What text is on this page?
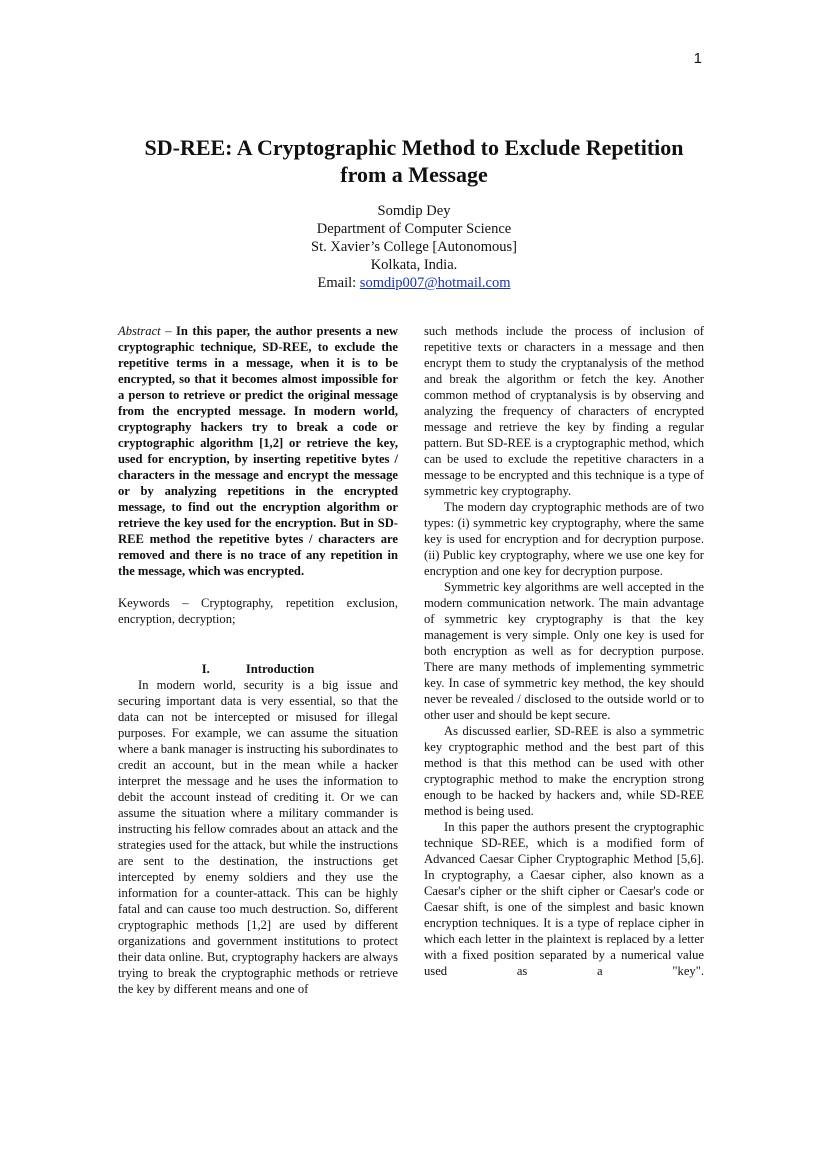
1
SD-REE: A Cryptographic Method to Exclude Repetition
from a Message
Somdip Dey
Department of Computer Science
St. Xavier’s College [Autonomous]
Kolkata, India.
Email: somdip007@hotmail.com

Abstract – In this paper, the author presents a new cryptographic technique, SD-REE, to exclude the repetitive terms in a message, when it is to be encrypted, so that it becomes almost impossible for a person to retrieve or predict the original message from the encrypted message. In modern world, cryptography hackers try to break a code or cryptographic algorithm [1,2] or retrieve the key, used for encryption, by inserting repetitive bytes / characters in the message and encrypt the message or by analyzing repetitions in the encrypted message, to find out the encryption algorithm or retrieve the key used for the encryption. But in SD-REE method the repetitive bytes / characters are removed and there is no trace of any repetition in the message, which was encrypted.

Keywords – Cryptography, repetition exclusion, encryption, decryption;

I.	Introduction

In modern world, security is a big issue and securing important data is very essential, so that the data can not be intercepted or misused for illegal purposes. For example, we can assume the situation where a bank manager is instructing his subordinates to credit an account, but in the mean while a hacker interpret the message and he uses the information to debit the account instead of crediting it. Or we can assume the situation where a military commander is instructing his fellow comrades about an attack and the strategies used for the attack, but while the instructions are sent to the destination, the instructions get intercepted by enemy soldiers and they use the information for a counter-attack. This can be highly fatal and can cause too much destruction. So, different cryptographic methods [1,2] are used by different organizations and government institutions to protect their data online. But, cryptography hackers are always trying to break the cryptographic methods or retrieve the key by different means and one of

such methods include the process of inclusion of repetitive texts or characters in a message and then encrypt them to study the cryptanalysis of the method and break the algorithm or fetch the key. Another common method of cryptanalysis is by observing and analyzing the frequency of characters of encrypted message and retrieve the key by finding a regular pattern. But SD-REE is a cryptographic method, which can be used to exclude the repetitive characters in a message to be encrypted and this technique is a type of symmetric key cryptography.

The modern day cryptographic methods are of two types: (i) symmetric key cryptography, where the same key is used for encryption and for decryption purpose. (ii) Public key cryptography, where we use one key for encryption and one key for decryption purpose.

Symmetric key algorithms are well accepted in the modern communication network. The main advantage of symmetric key cryptography is that the key management is very simple. Only one key is used for both encryption as well as for decryption purpose. There are many methods of implementing symmetric key. In case of symmetric key method, the key should never be revealed / disclosed to the outside world or to other user and should be kept secure.

As discussed earlier, SD-REE is also a symmetric key cryptographic method and the best part of this method is that this method can be used with other cryptographic method to make the encryption strong enough to be hacked by hackers and, while SD-REE method is being used.

In this paper the authors present the cryptographic technique SD-REE, which is a modified form of Advanced Caesar Cipher Cryptographic Method [5,6]. In cryptography, a Caesar cipher, also known as a Caesar's cipher or the shift cipher or Caesar's code or Caesar shift, is one of the simplest and basic known encryption techniques. It is a type of replace cipher in which each letter in the plaintext is replaced by a letter with a fixed position separated by a numerical value used as a "key".
